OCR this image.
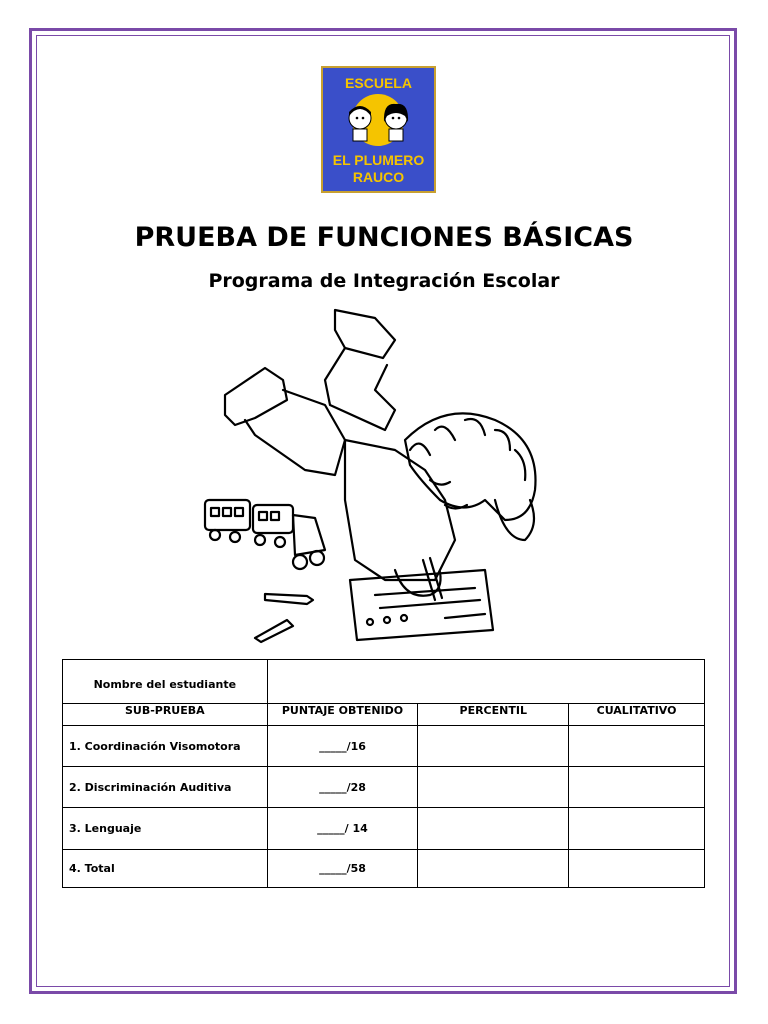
ESCUELA
EL PLUMERO
RAUCO
PRUEBA DE FUNCIONES BÁSICAS
Programa de Integración Escolar
Nombre del estudiante			
SUB-PRUEBA	PUNTAJE OBTENIDO	PERCENTIL	CUALITATIVO
1. Coordinación Visomotora	_____/16		
2. Discriminación Auditiva	_____/28		
3. Lenguaje	_____/ 14		
4. Total	_____/58		
